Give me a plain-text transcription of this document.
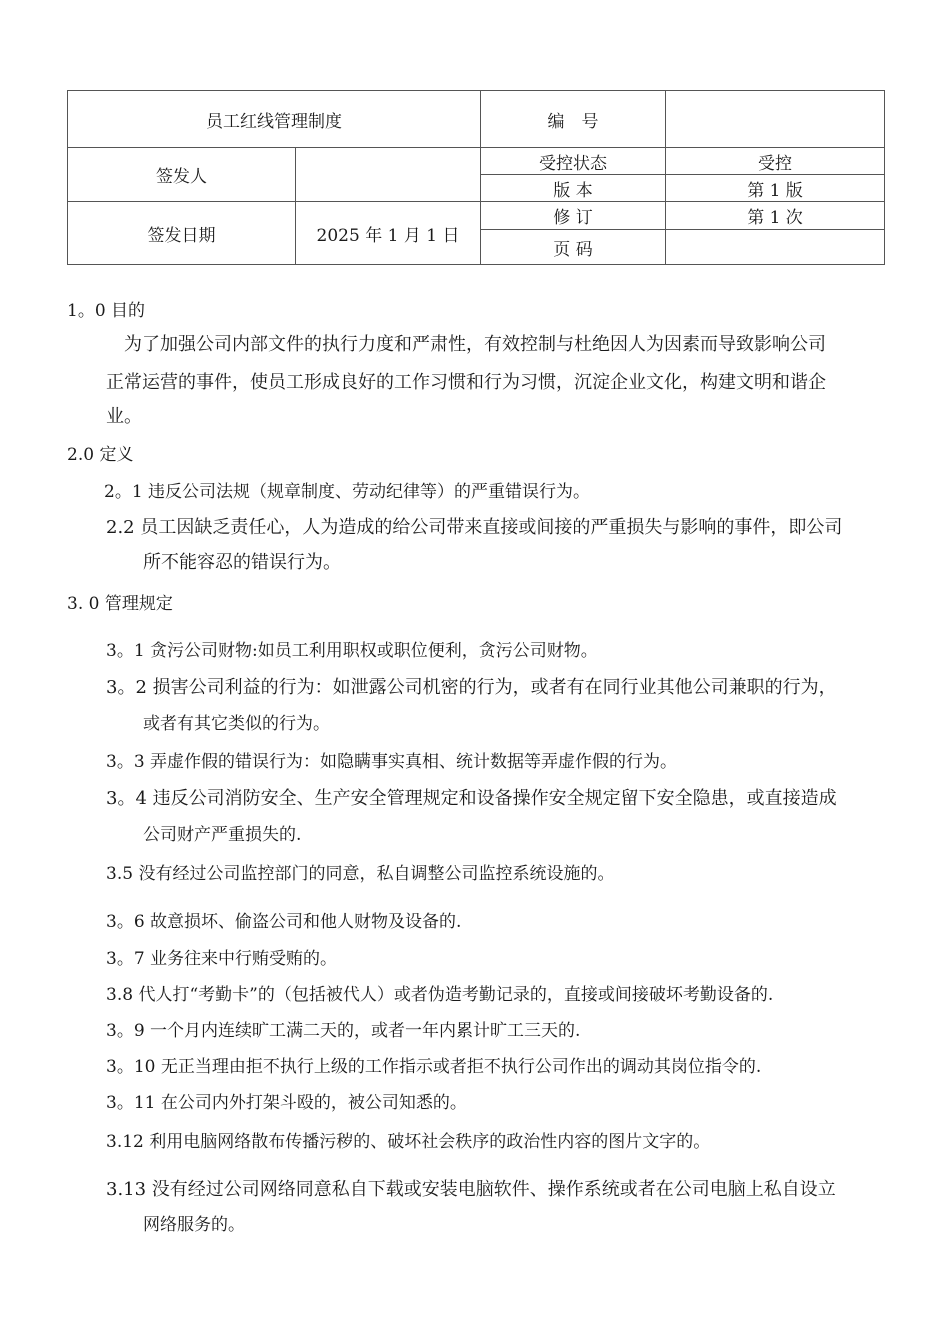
员工红线管理制度		编　号	
签发人		受控状态	受控
		版 本	第 1 版
签发日期	2025 年 1 月 1 日	修 订	第 1 次
		页 码	
1。0 目的
为了加强公司内部文件的执行力度和严肃性，有效控制与杜绝因人为因素而导致影响公司
正常运营的事件，使员工形成良好的工作习惯和行为习惯，沉淀企业文化，构建文明和谐企
业。
2.0 定义
2。1 违反公司法规（规章制度、劳动纪律等）的严重错误行为。
2.2 员工因缺乏责任心，人为造成的给公司带来直接或间接的严重损失与影响的事件，即公司
所不能容忍的错误行为。
3. 0 管理规定
3。1 贪污公司财物:如员工利用职权或职位便利，贪污公司财物。
3。2 损害公司利益的行为：如泄露公司机密的行为，或者有在同行业其他公司兼职的行为，
或者有其它类似的行为。
3。3 弄虚作假的错误行为：如隐瞒事实真相、统计数据等弄虚作假的行为。
3。4 违反公司消防安全、生产安全管理规定和设备操作安全规定留下安全隐患，或直接造成
公司财产严重损失的.
3.5 没有经过公司监控部门的同意，私自调整公司监控系统设施的。
3。6 故意损坏、偷盗公司和他人财物及设备的.
3。7 业务往来中行贿受贿的。
3.8 代人打“考勤卡”的（包括被代人）或者伪造考勤记录的，直接或间接破坏考勤设备的.
3。9 一个月内连续旷工满二天的，或者一年内累计旷工三天的.
3。10 无正当理由拒不执行上级的工作指示或者拒不执行公司作出的调动其岗位指令的.
3。11 在公司内外打架斗殴的，被公司知悉的。
3.12 利用电脑网络散布传播污秽的、破坏社会秩序的政治性内容的图片文字的。
3.13 没有经过公司网络同意私自下载或安装电脑软件、操作系统或者在公司电脑上私自设立
网络服务的。
